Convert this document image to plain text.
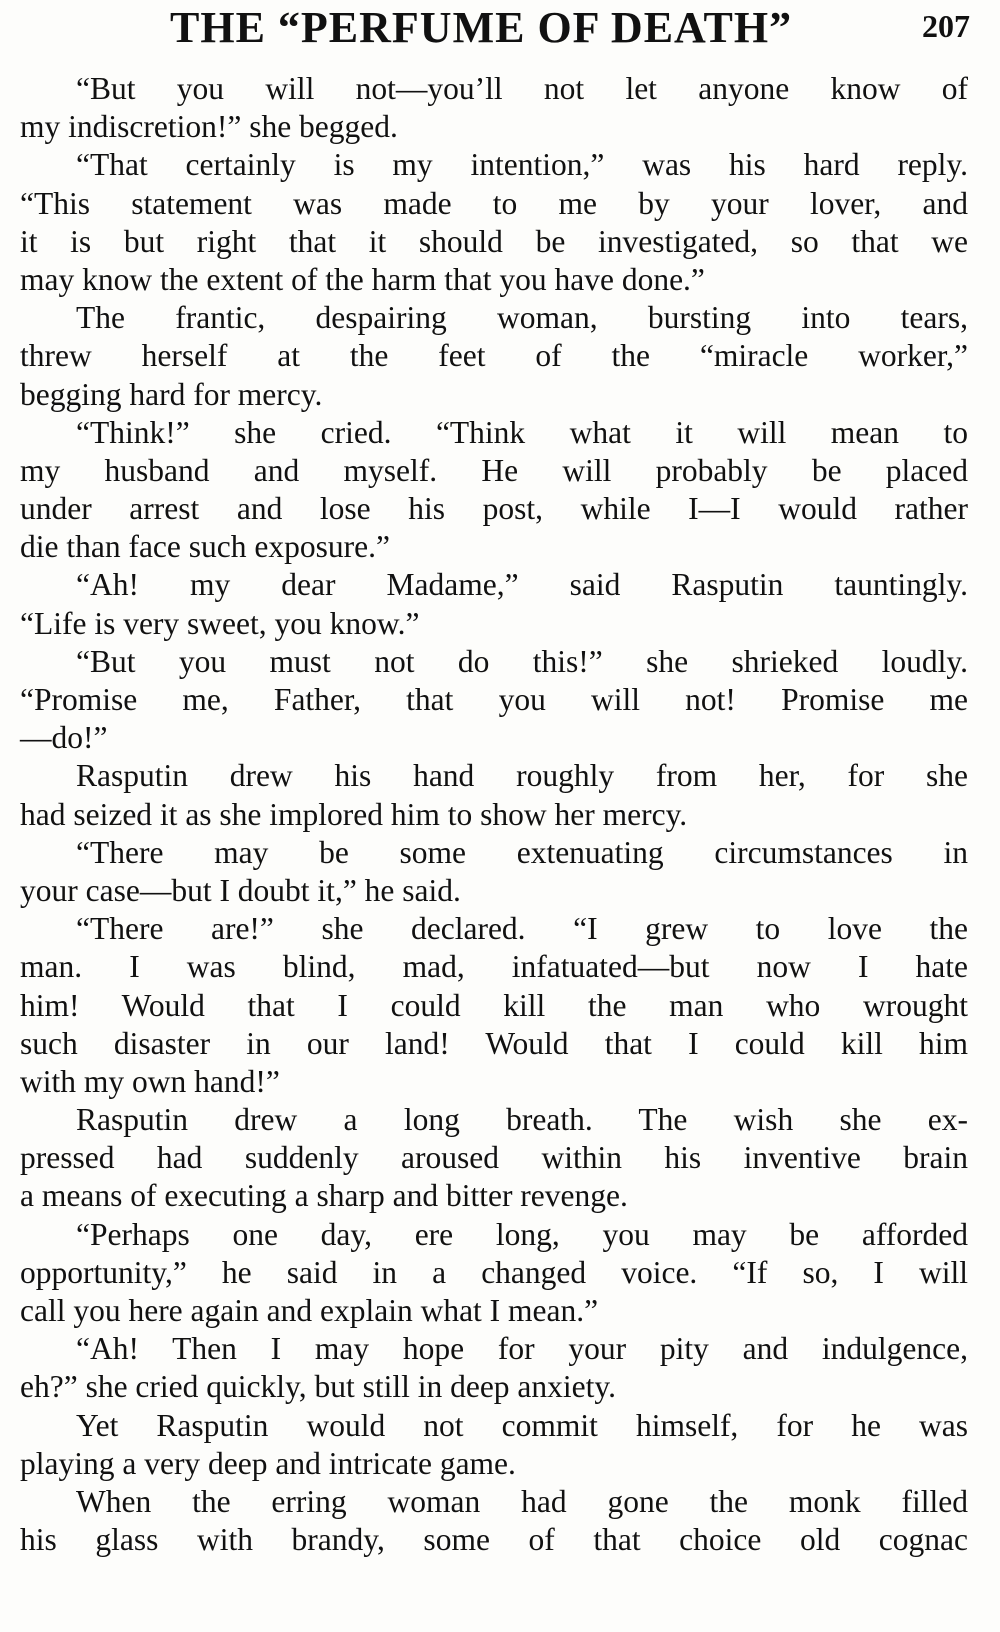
THE “PERFUME OF DEATH”	207
“But you will not—you’ll not let anyone know of
my indiscretion!” she begged.
“That certainly is my intention,” was his hard reply.
“This statement was made to me by your lover, and
it is but right that it should be investigated, so that we
may know the extent of the harm that you have done.”
The frantic, despairing woman, bursting into tears,
threw herself at the feet of the “miracle worker,”
begging hard for mercy.
“Think!” she cried. “Think what it will mean to
my husband and myself. He will probably be placed
under arrest and lose his post, while I—I would rather
die than face such exposure.”
“Ah! my dear Madame,” said Rasputin tauntingly.
“Life is very sweet, you know.”
“But you must not do this!” she shrieked loudly.
“Promise me, Father, that you will not! Promise me
—do!”
Rasputin drew his hand roughly from her, for she
had seized it as she implored him to show her mercy.
“There may be some extenuating circumstances in
your case—but I doubt it,” he said.
“There are!” she declared. “I grew to love the
man. I was blind, mad, infatuated—but now I hate
him! Would that I could kill the man who wrought
such disaster in our land! Would that I could kill him
with my own hand!”
Rasputin drew a long breath. The wish she ex-
pressed had suddenly aroused within his inventive brain
a means of executing a sharp and bitter revenge.
“Perhaps one day, ere long, you may be afforded
opportunity,” he said in a changed voice. “If so, I will
call you here again and explain what I mean.”
“Ah! Then I may hope for your pity and indulgence,
eh?” she cried quickly, but still in deep anxiety.
Yet Rasputin would not commit himself, for he was
playing a very deep and intricate game.
When the erring woman had gone the monk filled
his glass with brandy, some of that choice old cognac
